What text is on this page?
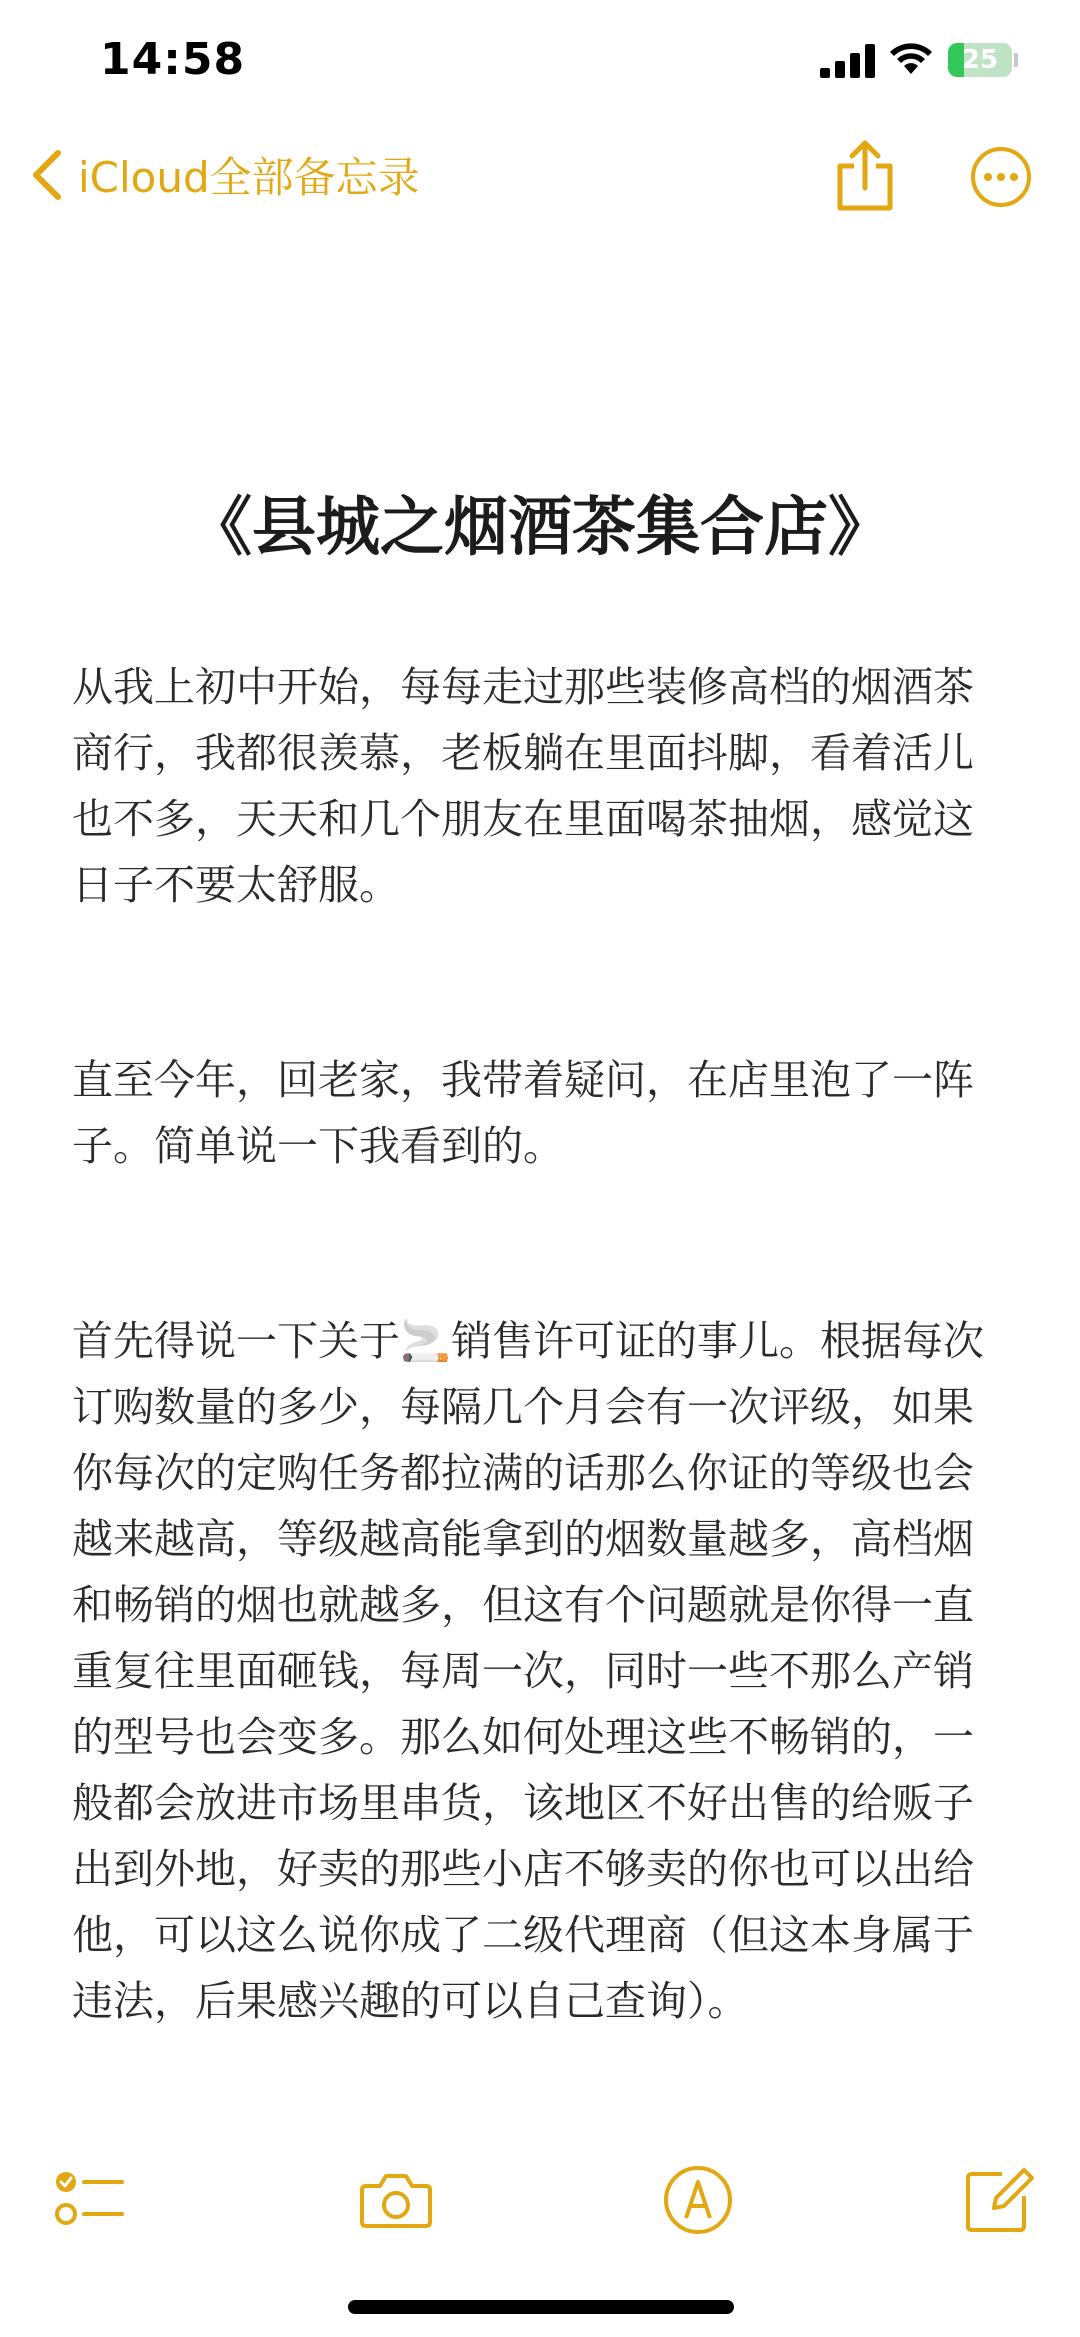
14:58	25
iCloud全部备忘录
《县城之烟酒茶集合店》
从我上初中开始，每每走过那些装修高档的烟酒茶商行，我都很羡慕，老板躺在里面抖脚，看着活儿也不多，天天和几个朋友在里面喝茶抽烟，感觉这日子不要太舒服。
直至今年，回老家，我带着疑问，在店里泡了一阵子。简单说一下我看到的。
首先得说一下关于🚬销售许可证的事儿。根据每次订购数量的多少，每隔几个月会有一次评级，如果你每次的定购任务都拉满的话那么你证的等级也会越来越高，等级越高能拿到的烟数量越多，高档烟和畅销的烟也就越多，但这有个问题就是你得一直重复往里面砸钱，每周一次，同时一些不那么产销的型号也会变多。那么如何处理这些不畅销的，一般都会放进市场里串货，该地区不好出售的给贩子出到外地，好卖的那些小店不够卖的你也可以出给他，可以这么说你成了二级代理商（但这本身属于违法，后果感兴趣的可以自己查询）。
